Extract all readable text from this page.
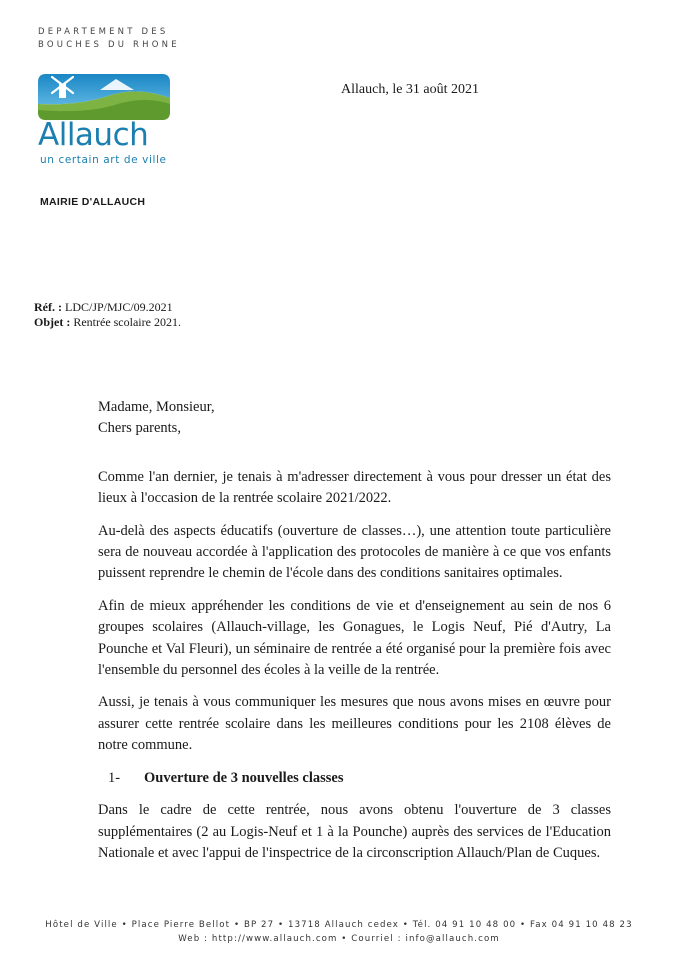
DEPARTEMENT DES
BOUCHES DU RHONE
Allauch
un certain art de ville
Allauch, le 31 août 2021
MAIRIE D'ALLAUCH
Réf. : LDC/JP/MJC/09.2021
Objet : Rentrée scolaire 2021.
Madame, Monsieur,
Chers parents,

Comme l'an dernier, je tenais à m'adresser directement à vous pour dresser un état des lieux à l'occasion de la rentrée scolaire 2021/2022.

Au-delà des aspects éducatifs (ouverture de classes…), une attention toute particulière sera de nouveau accordée à l'application des protocoles de manière à ce que vos enfants puissent reprendre le chemin de l'école dans des conditions sanitaires optimales.

Afin de mieux appréhender les conditions de vie et d'enseignement au sein de nos 6 groupes scolaires (Allauch-village, les Gonagues, le Logis Neuf, Pié d'Autry, La Pounche et Val Fleuri), un séminaire de rentrée a été organisé pour la première fois avec l'ensemble du personnel des écoles à la veille de la rentrée.

Aussi, je tenais à vous communiquer les mesures que nous avons mises en œuvre pour assurer cette rentrée scolaire dans les meilleures conditions pour les 2108 élèves de notre commune.

1- Ouverture de 3 nouvelles classes

Dans le cadre de cette rentrée, nous avons obtenu l'ouverture de 3 classes supplémentaires (2 au Logis-Neuf et 1 à la Pounche) auprès des services de l'Education Nationale et avec l'appui de l'inspectrice de la circonscription Allauch/Plan de Cuques.

Hôtel de Ville • Place Pierre Bellot • BP 27 • 13718 Allauch cedex • Tél. 04 91 10 48 00 • Fax 04 91 10 48 23
Web : http://www.allauch.com • Courriel : info@allauch.com
